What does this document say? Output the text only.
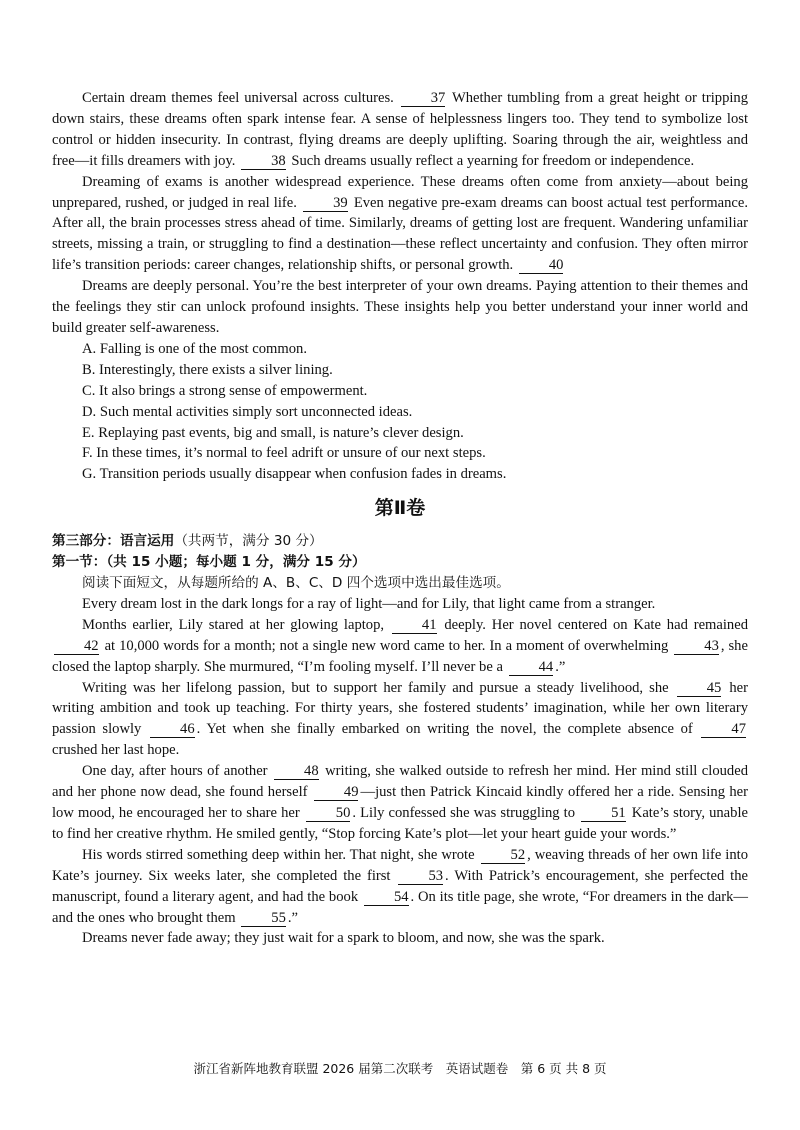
Certain dream themes feel universal across cultures.	37 Whether tumbling from a great height or tripping down stairs, these dreams often spark intense fear. A sense of helplessness lingers too. They tend to symbolize lost control or hidden insecurity. In contrast, flying dreams are deeply uplifting. Soaring through the air, weightless and free—it fills dreamers with joy. 38 Such dreams usually reflect a yearning for freedom or independence.

Dreaming of exams is another widespread experience. These dreams often come from anxiety—about being unprepared, rushed, or judged in real life. 39 Even negative pre-exam dreams can boost actual test performance. After all, the brain processes stress ahead of time. Similarly, dreams of getting lost are frequent. Wandering unfamiliar streets, missing a train, or struggling to find a destination—these reflect uncertainty and confusion. They often mirror life’s transition periods: career changes, relationship shifts, or personal growth. 40

Dreams are deeply personal. You’re the best interpreter of your own dreams. Paying attention to their themes and the feelings they stir can unlock profound insights. These insights help you better understand your inner world and build greater self-awareness.

A. Falling is one of the most common.
B. Interestingly, there exists a silver lining.
C. It also brings a strong sense of empowerment.
D. Such mental activities simply sort unconnected ideas.
E. Replaying past events, big and small, is nature’s clever design.
F. In these times, it’s normal to feel adrift or unsure of our next steps.
G. Transition periods usually disappear when confusion fades in dreams.
第Ⅱ卷

第三部分：语言运用（共两节，满分 30 分）

第一节：（共 15 小题；每小题 1 分，满分 15 分）

阅读下面短文，从每题所给的 A、B、C、D 四个选项中选出最佳选项。

Every dream lost in the dark longs for a ray of light—and for Lily, that light came from a stranger.

Months earlier, Lily stared at her glowing laptop,	41 deeply. Her novel centered on Kate had remained 42 at 10,000 words for a month; not a single new word came to her. In a moment of overwhelming 43 , she closed the laptop sharply. She murmured, “I’m fooling myself. I’ll never be a 44 .”

Writing was her lifelong passion, but to support her family and pursue a steady livelihood, she	45 her writing ambition and took up teaching. For thirty years, she fostered students’ imagination, while her own literary passion slowly	46 . Yet when she finally embarked on writing the novel, the complete absence of	47 crushed her last hope.

One day, after hours of another 48 writing, she walked outside to refresh her mind. Her mind still clouded and her phone now dead, she found herself 49 —just then Patrick Kincaid kindly offered her a ride. Sensing her low mood, he encouraged her to share her 50 . Lily confessed she was struggling to 51 Kate’s story, unable to find her creative rhythm. He smiled gently, “Stop forcing Kate’s plot—let your heart guide your words.”

His words stirred something deep within her. That night, she wrote 52 , weaving threads of her own life into Kate’s journey. Six weeks later, she completed the first	53 . With Patrick’s encouragement, she perfected the manuscript, found a literary agent, and had the book 54 . On its title page, she wrote, “For dreamers in the dark—and the ones who brought them 55 .”

Dreams never fade away; they just wait for a spark to bloom, and now, she was the spark.

浙江省新阵地教育联盟 2026 届第二次联考　英语试题卷　第 6 页 共 8 页
